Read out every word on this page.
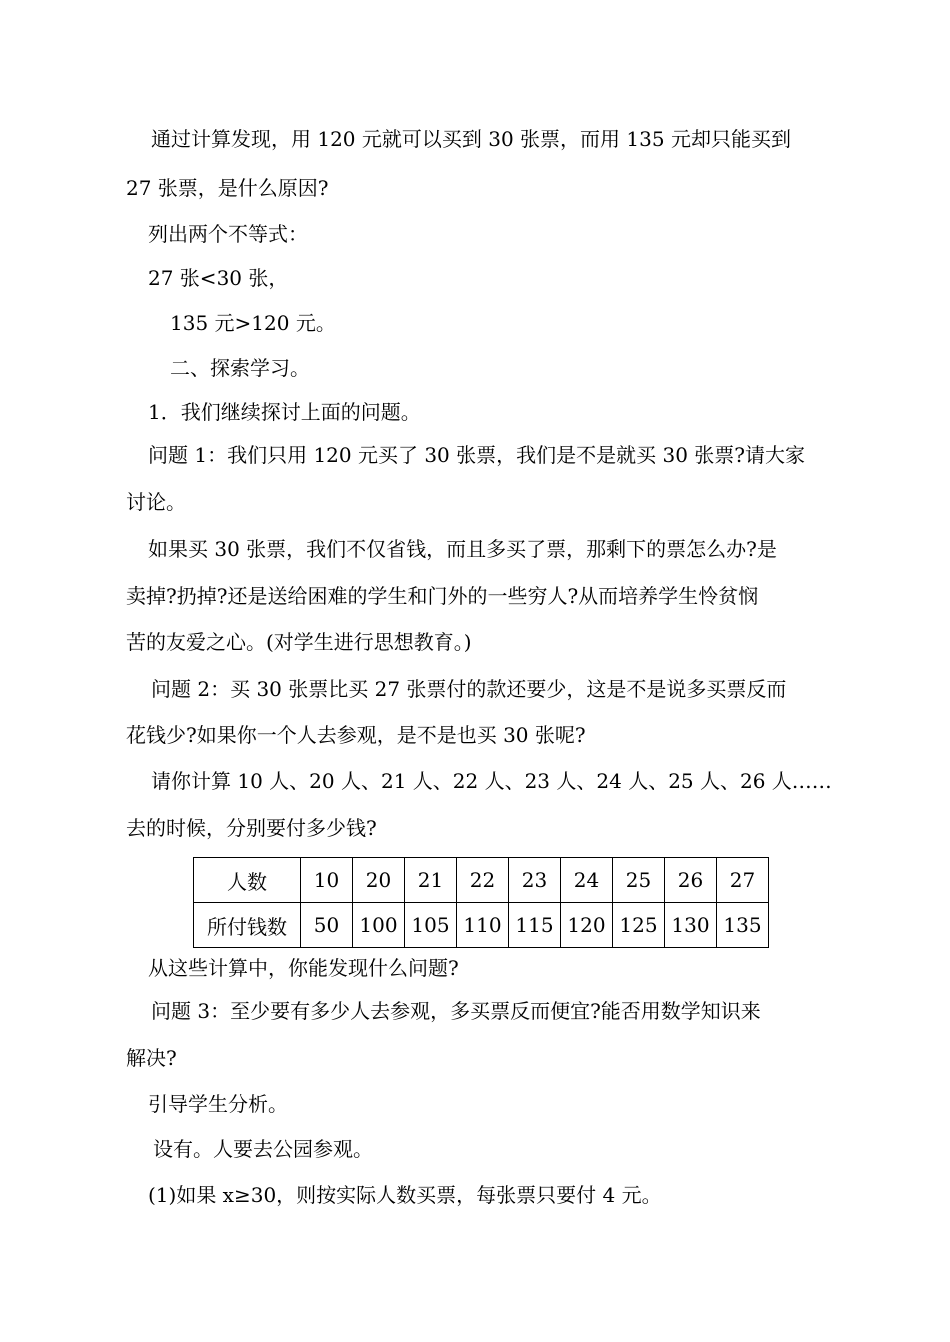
通过计算发现，用 120 元就可以买到 30 张票，而用 135 元却只能买到
27 张票，是什么原因?
列出两个不等式：
27 张<30 张，
135 元>120 元。
二、探索学习。
1．我们继续探讨上面的问题。
问题 1：我们只用 120 元买了 30 张票，我们是不是就买 30 张票?请大家
讨论。
如果买 30 张票，我们不仅省钱，而且多买了票，那剩下的票怎么办?是
卖掉?扔掉?还是送给困难的学生和门外的一些穷人?从而培养学生怜贫悯
苦的友爱之心。(对学生进行思想教育。)
问题 2：买 30 张票比买 27 张票付的款还要少，这是不是说多买票反而
花钱少?如果你一个人去参观，是不是也买 30 张呢?
请你计算 10 人、20 人、21 人、22 人、23 人、24 人、25 人、26 人……
去的时候，分别要付多少钱?
人数	10	20	21	22	23	24	25	26	27
所付钱数	50	100	105	110	115	120	125	130	135
从这些计算中，你能发现什么问题?
问题 3：至少要有多少人去参观，多买票反而便宜?能否用数学知识来
解决?
引导学生分析。
设有。人要去公园参观。
(1)如果 x≥30，则按实际人数买票，每张票只要付 4 元。
